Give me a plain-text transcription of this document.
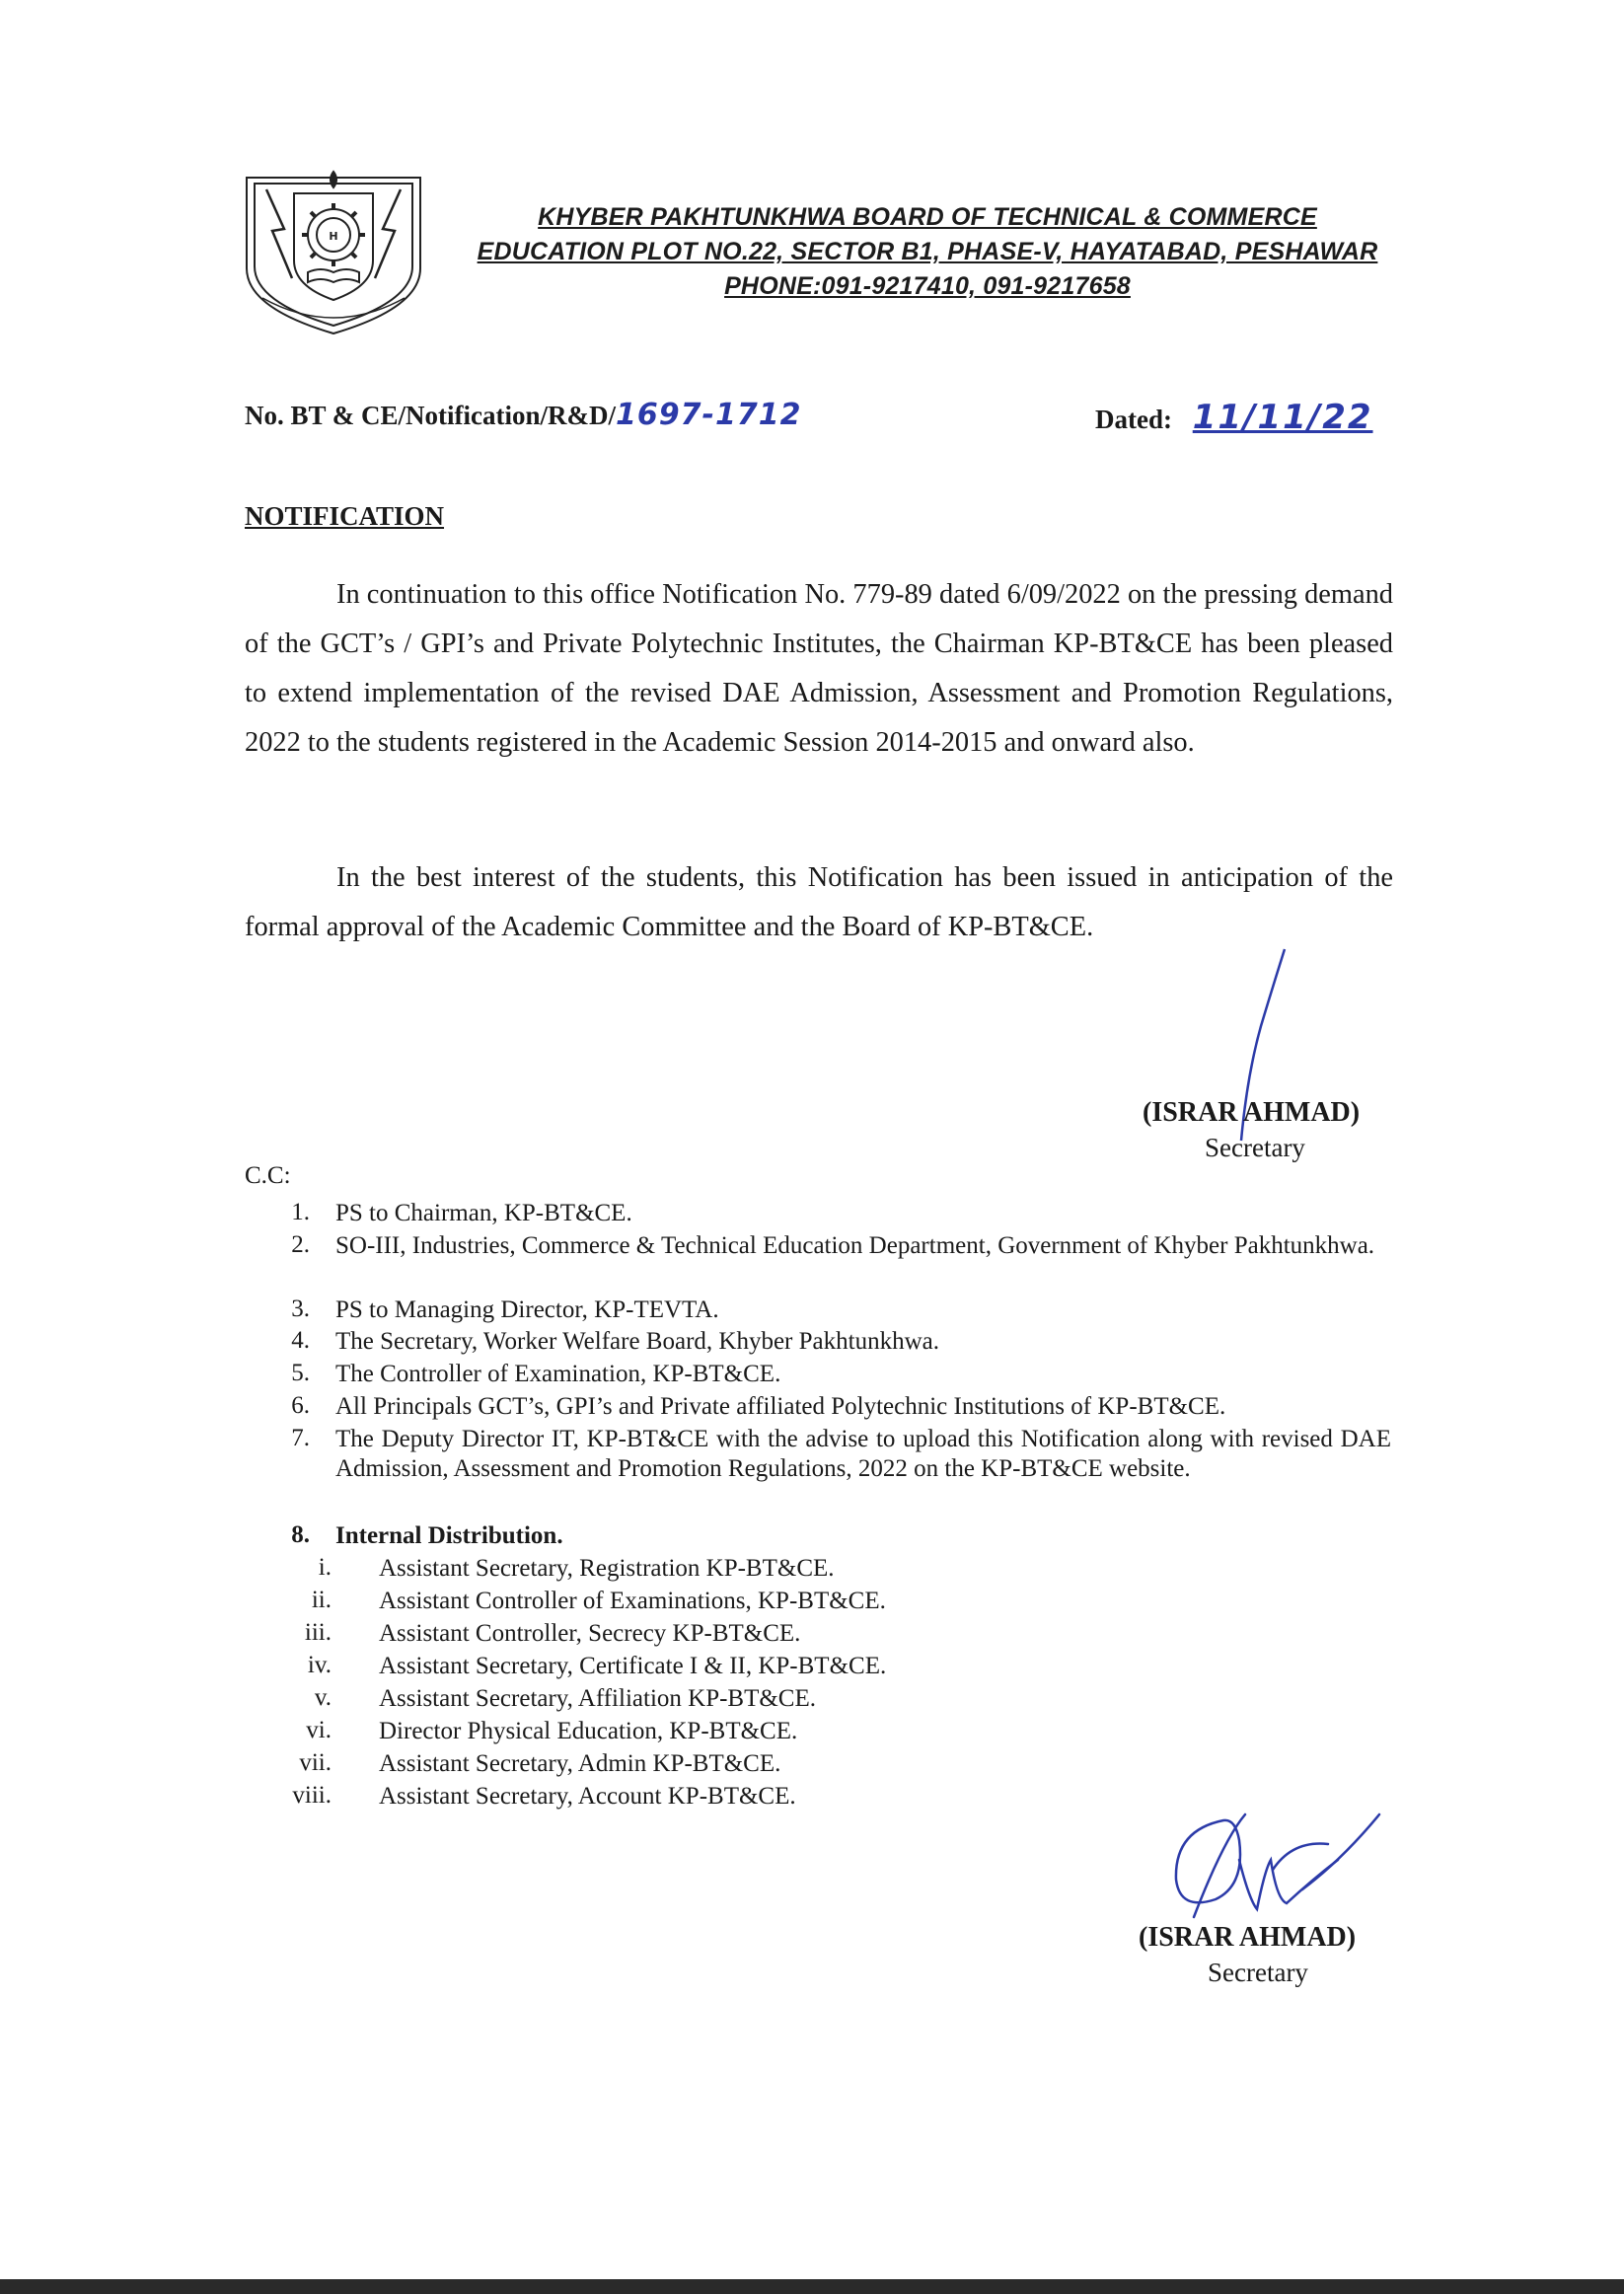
H
KHYBER PAKHTUNKHWA BOARD OF TECHNICAL & COMMERCE
EDUCATION PLOT NO.22, SECTOR B1, PHASE-V, HAYATABAD, PESHAWAR
PHONE:091-9217410, 091-9217658
No. BT & CE/Notification/R&D/1697-1712	Dated: 11/11/22
NOTIFICATION
In continuation to this office Notification No. 779-89 dated 6/09/2022 on the pressing demand of the GCT’s / GPI’s and Private Polytechnic Institutes, the Chairman KP-BT&CE has been pleased to extend implementation of the revised DAE Admission, Assessment and Promotion Regulations, 2022 to the students registered in the Academic Session 2014-2015 and onward also.
In the best interest of the students, this Notification has been issued in anticipation of the formal approval of the Academic Committee and the Board of KP-BT&CE.
(ISRAR AHMAD)
Secretary
C.C:
1. PS to Chairman, KP-BT&CE.
2. SO-III, Industries, Commerce & Technical Education Department, Government of Khyber Pakhtunkhwa.
3. PS to Managing Director, KP-TEVTA.
4. The Secretary, Worker Welfare Board, Khyber Pakhtunkhwa.
5. The Controller of Examination, KP-BT&CE.
6. All Principals GCT’s, GPI’s and Private affiliated Polytechnic Institutions of KP-BT&CE.
7. The Deputy Director IT, KP-BT&CE with the advise to upload this Notification along with revised DAE Admission, Assessment and Promotion Regulations, 2022 on the KP-BT&CE website.
8. Internal Distribution.
i. Assistant Secretary, Registration KP-BT&CE.
ii. Assistant Controller of Examinations, KP-BT&CE.
iii. Assistant Controller, Secrecy KP-BT&CE.
iv. Assistant Secretary, Certificate I & II, KP-BT&CE.
v. Assistant Secretary, Affiliation KP-BT&CE.
vi. Director Physical Education, KP-BT&CE.
vii. Assistant Secretary, Admin KP-BT&CE.
viii. Assistant Secretary, Account KP-BT&CE.
(ISRAR AHMAD)
Secretary
